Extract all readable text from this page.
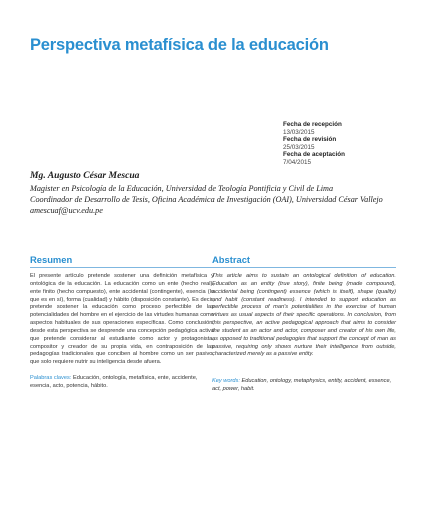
Perspectiva metafísica de la educación
Fecha de recepción
13/03/2015
Fecha de revisión
25/03/2015
Fecha de aceptación
7/04/2015
Mg. Augusto César Mescua
Magister en Psicología de la Educación, Universidad de Teología Pontificia y Civil de Lima
Coordinador de Desarrollo de Tesis, Oficina Académica de Investigación (OAI), Universidad César Vallejo
amescuaf@ucv.edu.pe
Resumen
El presente artículo pretende sostener una definición metafísica y ontológica de la educación. La educación como un ente (hecho real), ente finito (hecho compuesto), ente accidental (contingente), esencia (lo que es en sí), forma (cualidad) y hábito (disposición constante). Es decir, pretende sostener la educación como proceso perfectible de las potencialidades del hombre en el ejercicio de las virtudes humanas como aspectos habituales de sus operaciones específicas. Como conclusión, desde esta perspectiva se desprende una concepción pedagógica activa que pretende considerar al estudiante como actor y protagonista, compositor y creador de su propia vida, en contraposición de las pedagogías tradicionales que conciben al hombre como un ser pasivo, que solo requiere nutrir su inteligencia desde afuera.
Palabras claves: Educación, ontología, metafísica, ente, accidente, esencia, acto, potencia, hábito.
Abstract
This article aims to sustain an ontological definition of education. Education as an entity (true story), finite being (made compound), accidental being (contingent) essence (which is itself), shape (quality) and habit (constant readiness). I intended to support education as perfectible process of man's potentialities in the exercise of human virtues as usual aspects of their specific operations. In conclusion, from this perspective, an active pedagogical approach that aims to consider the student as an actor and actor, composer and creator of his own life, as opposed to traditional pedagogies that support the concept of man as passive, requiring only shows nurture their intelligence from outside, characterized merely as a passive entity.
Key words: Education, ontology, metaphysics, entity, accident, essence, act, power, habit.
